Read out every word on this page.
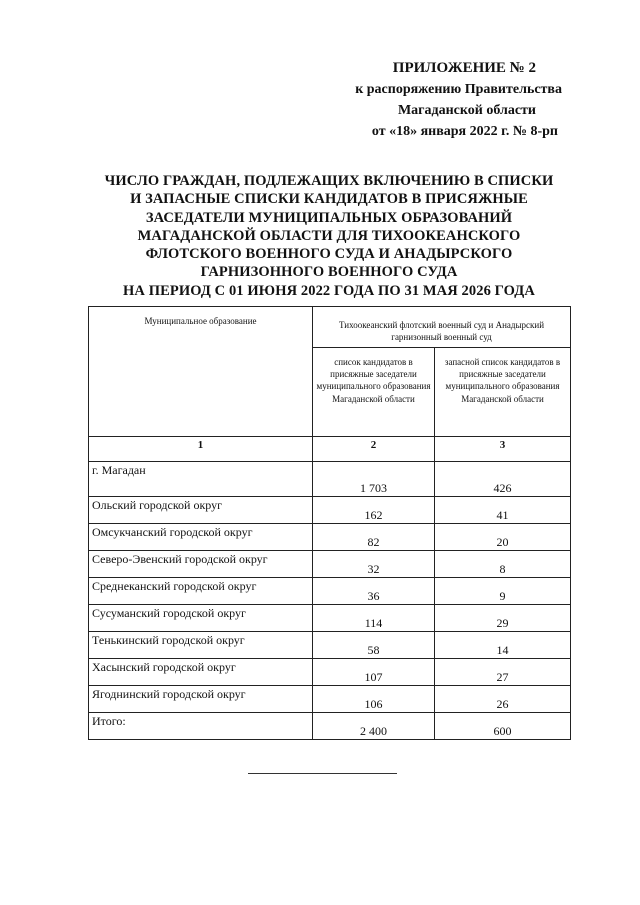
ПРИЛОЖЕНИЕ № 2
к распоряжению Правительства
Магаданской области
от «18» января 2022 г. № 8-рп
ЧИСЛО ГРАЖДАН, ПОДЛЕЖАЩИХ ВКЛЮЧЕНИЮ В СПИСКИ
И ЗАПАСНЫЕ СПИСКИ КАНДИДАТОВ В ПРИСЯЖНЫЕ
ЗАСЕДАТЕЛИ МУНИЦИПАЛЬНЫХ ОБРАЗОВАНИЙ
МАГАДАНСКОЙ ОБЛАСТИ ДЛЯ ТИХООКЕАНСКОГО
ФЛОТСКОГО ВОЕННОГО СУДА И АНАДЫРСКОГО
ГАРНИЗОННОГО ВОЕННОГО СУДА
НА ПЕРИОД С 01 ИЮНЯ 2022 ГОДА ПО 31 МАЯ 2026 ГОДА
Муниципальное образование	Тихоокеанский флотский военный суд и Анадырский гарнизонный военный суд	
	список кандидатов в присяжные заседатели муниципального образования Магаданской области	запасной список кандидатов в присяжные заседатели муниципального образования Магаданской области
1	2	3
г. Магадан	1 703	426
Ольский городской округ	162	41
Омсукчанский городской округ	82	20
Северо-Эвенский городской округ	32	8
Среднеканский городской округ	36	9
Сусуманский городской округ	114	29
Тенькинский городской округ	58	14
Хасынский городской округ	107	27
Ягоднинский городской округ	106	26
Итого:	2 400	600
